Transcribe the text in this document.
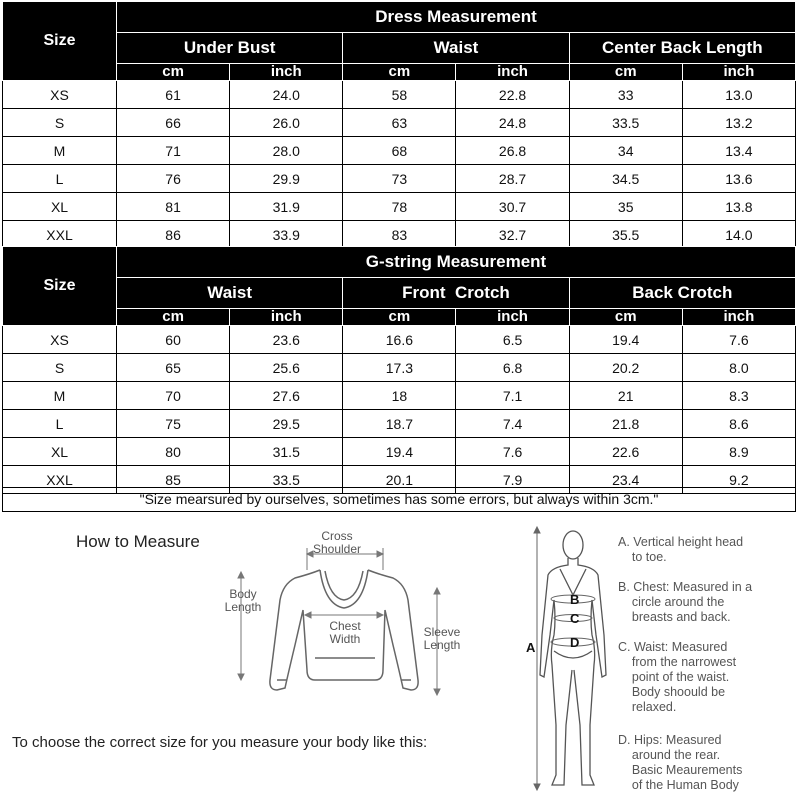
Size	Dress Measurement					
	Under Bust		Waist		Center Back Length	
	cm	inch	cm	inch	cm	inch
XS	61	24.0	58	22.8	33	13.0
S	66	26.0	63	24.8	33.5	13.2
M	71	28.0	68	26.8	34	13.4
L	76	29.9	73	28.7	34.5	13.6
XL	81	31.9	78	30.7	35	13.8
XXL	86	33.9	83	32.7	35.5	14.0
Size	G-string Measurement					
	Waist		Front  Crotch		Back Crotch	
	cm	inch	cm	inch	cm	inch
XS	60	23.6	16.6	6.5	19.4	7.6
S	65	25.6	17.3	6.8	20.2	8.0
M	70	27.6	18	7.1	21	8.3
L	75	29.5	18.7	7.4	21.8	8.6
XL	80	31.5	19.4	7.6	22.6	8.9
XXL	85	33.5	20.1	7.9	23.4	9.2
"Size mearsured by ourselves, sometimes has some errors, but always within 3cm."
How to Measure	Cross
Shoulder
Body
Length
Chest
Width	Sleeve
Length
To choose the correct size for you measure your body like this:
A
B
C
D
A. Vertical height head
to toe.
B. Chest: Measured in a
circle around the
breasts and back.
C. Waist: Measured
from the narrowest
point of the waist.
Body shoould be
relaxed.
D. Hips: Measured
around the rear.
Basic Meaurements
of the Human Body
